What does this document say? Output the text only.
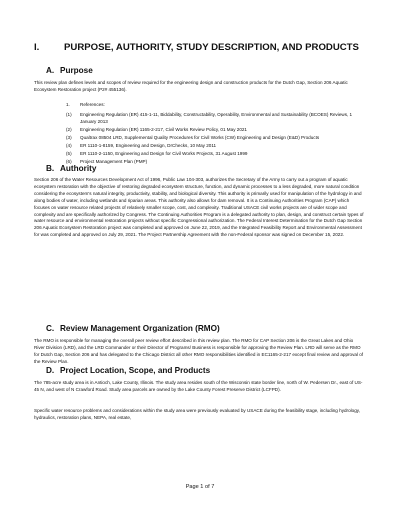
I.	PURPOSE, AUTHORITY, STUDY DESCRIPTION, AND PRODUCTS
A. Purpose

This review plan defines levels and scopes of review required for the engineering design and construction products for the Dutch Gap, Section 206 Aquatic Ecosystem Restoration project (P2# 455136).

1.	References:
(1)	Engineering Regulation (ER) 415-1-11, Biddability, Constructability, Operability, Environmental and Sustainability (BCOES) Reviews, 1 January 2013
(2)	Engineering Regulation (ER) 1165-2-217, Civil Works Review Policy, 01 May 2021
(3)	Qualtrax 08504 LRD, Supplemental Quality Procedures for Civil Works (CW) Engineering and Design (E&D) Products
(4)	ER 1110-1-8159, Engineering and Design, DrChecks, 10 May 2011
(5)	ER 1110-2-1150, Engineering and Design for Civil Works Projects, 31 August 1999
(6)	Project Management Plan (PMP)
B. Authority

Section 206 of the Water Resources Development Act of 1996, Public Law 104-303, authorizes the Secretary of the Army to carry out a program of aquatic ecosystem restoration with the objective of restoring degraded ecosystem structure, function, and dynamic processes to a less degraded, more natural condition considering the ecosystem's natural integrity, productivity, stability, and biological diversity. This authority is primarily used for manipulation of the hydrology in and along bodies of water, including wetlands and riparian areas. This authority also allows for dam removal. It is a Continuing Authorities Program (CAP) which focuses on water resource related projects of relatively smaller scope, cost, and complexity. Traditional USACE civil works projects are of wider scope and complexity and are specifically authorized by Congress. The Continuing Authorities Program is a delegated authority to plan, design, and construct certain types of water resource and environmental restoration projects without specific Congressional authorization. The Federal Interest Determination for the Dutch Gap Section 206 Aquatic Ecosystem Restoration project was completed and approved on June 22, 2019, and the Integrated Feasibility Report and Environmental Assessment for was completed and approved on July 29, 2021. The Project Partnership Agreement with the non-Federal sponsor was signed on December 15, 2022.

C. Review Management Organization (RMO)

The RMO is responsible for managing the overall peer review effort described in this review plan. The RMO for CAP Section 206 is the Great Lakes and Ohio River Division (LRD), and the LRD Commander or their Director of Programs/ Business is responsible for approving the Review Plan. LRD will serve as the RMO for Dutch Gap, Section 206 and has delegated to the Chicago District all other RMO responsibilities identified in EC1165-2-217 except final review and approval of the Review Plan.

D. Project Location, Scope, and Products

The 785-acre study area is in Antioch, Lake County, Illinois. The study area resides south of the Wisconsin state border line, north of W. Pedersen Dr., east of US-45 N, and west of N Crawford Road. Study area parcels are owned by the Lake County Forest Preserve District (LCFPD).

Specific water resource problems and considerations within the study area were previously evaluated by USACE during the feasibility stage, including hydrology, hydraulics, restoration plans, NEPA, real estate,

Page 1 of 7
